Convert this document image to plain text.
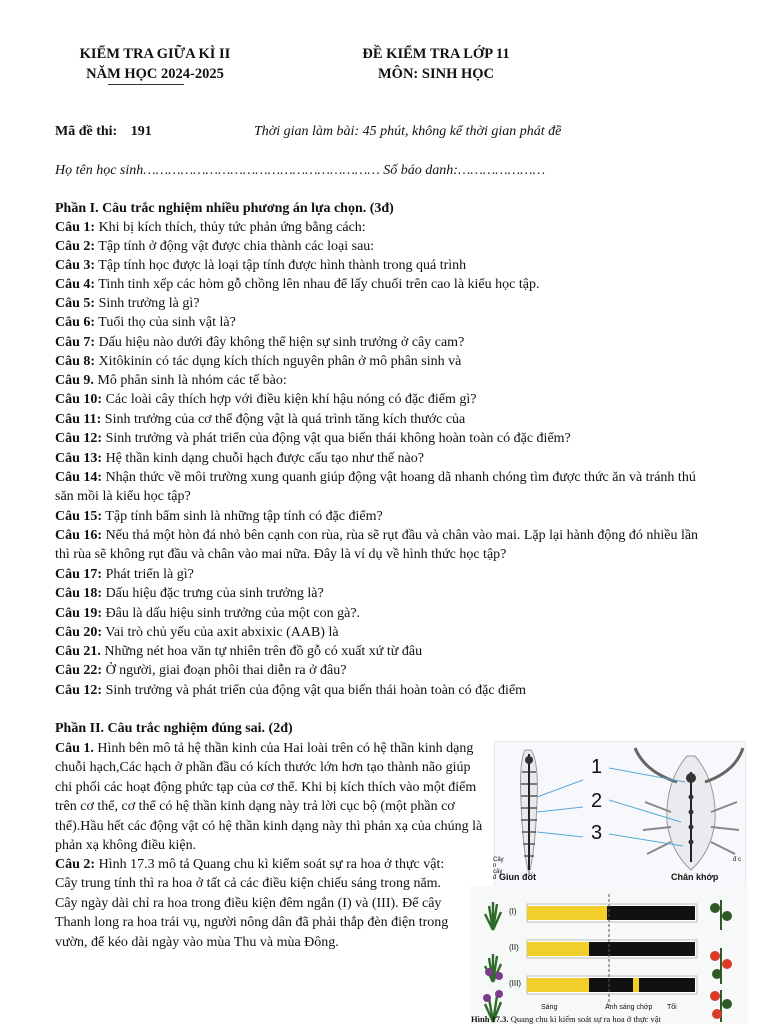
KIỂM TRA GIỮA KÌ II
NĂM HỌC 2024-2025
ĐỀ KIỂM TRA LỚP 11
MÔN: SINH HỌC
Mã đề thi: 191	Thời gian làm bài: 45 phút, không kể thời gian phát đề
Họ tên học sinh………………………………………………… Số báo danh:…………………
Phần I. Câu trắc nghiệm nhiều phương án lựa chọn. (3đ)
Câu 1: Khi bị kích thích, thủy tức phản ứng bằng cách:
Câu 2: Tập tính ở động vật được chia thành các loại sau:
Câu 3: Tập tính học được là loại tập tính được hình thành trong quá trình
Câu 4: Tinh tinh xếp các hòm gỗ chồng lên nhau để lấy chuối trên cao là kiểu học tập.
Câu 5: Sinh trưởng là gì?
Câu 6: Tuổi thọ của sinh vật là?
Câu 7: Dấu hiệu nào dưới đây không thể hiện sự sinh trưởng ở cây cam?
Câu 8: Xitôkinin có tác dụng kích thích nguyên phân ở mô phân sinh và
Câu 9. Mô phân sinh là nhóm các tế bào:
Câu 10: Các loài cây thích hợp với điều kiện khí hậu nóng có đặc điểm gì?
Câu 11: Sinh trưởng của cơ thể động vật là quá trình tăng kích thước của
Câu 12: Sinh trưởng và phát triển của động vật qua biến thái không hoàn toàn có đặc điểm?
Câu 13: Hệ thần kinh dạng chuỗi hạch được cấu tạo như thế nào?
Câu 14: Nhận thức về môi trường xung quanh giúp động vật hoang dã nhanh chóng tìm được thức ăn và tránh thú săn mồi là kiểu học tập?
Câu 15: Tập tính bẩm sinh là những tập tính có đặc điểm?
Câu 16: Nếu thả một hòn đá nhỏ bên cạnh con rùa, rùa sẽ rụt đầu và chân vào mai. Lặp lại hành động đó nhiều lần thì rùa sẽ không rụt đầu và chân vào mai nữa. Đây là ví dụ về hình thức học tập?
Câu 17: Phát triển là gì?
Câu 18: Dấu hiệu đặc trưng của sinh trưởng là?
Câu 19: Đâu là dấu hiệu sinh trưởng của một con gà?.
Câu 20: Vai trò chủ yếu của axit abxixic (AAB) là
Câu 21. Những nét hoa văn tự nhiên trên đồ gỗ có xuất xứ từ đâu
Câu 22: Ở người, giai đoạn phôi thai diễn ra ở đâu?
Câu 12: Sinh trưởng và phát triển của động vật qua biến thái hoàn toàn có đặc điểm
Phần II. Câu trắc nghiệm đúng sai. (2đ)
Câu 1. Hình bên mô tả hệ thần kinh của Hai loài trên có hệ thần kinh dạng chuỗi hạch,Các hạch ở phần đầu có kích thước lớn hơn tạo thành não giúp chi phối các hoạt động phức tạp của cơ thể. Khi bị kích thích vào một điểm trên cơ thể, cơ thể có hệ thần kinh dạng này trả lời cục bộ (một phần cơ thể).Hầu hết các động vật có hệ thần kinh dạng này thì phản xạ của chúng là phản xạ không điều kiện.
Câu 2: Hình 17.3 mô tả Quang chu kì kiểm soát sự ra hoa ở thực vật: Cây trung tính thì ra hoa ở tất cả các điều kiện chiếu sáng trong năm. Cây ngày dài chỉ ra hoa trong điều kiện đêm ngắn (I) và (III). Để cây Thanh long ra hoa trái vụ, người nông dân đã phải thắp đèn điện trong vườn, để kéo dài ngày vào mùa Thu và mùa Đông.
1
2
3
Giun đốt	Chân khớp
Cây n cây đ
đ c
(I)
(II)
(III)
Sáng	Ánh sáng chớp Tối
Hình 17.3. Quang chu kì kiểm soát sự ra hoa ở thực vật
